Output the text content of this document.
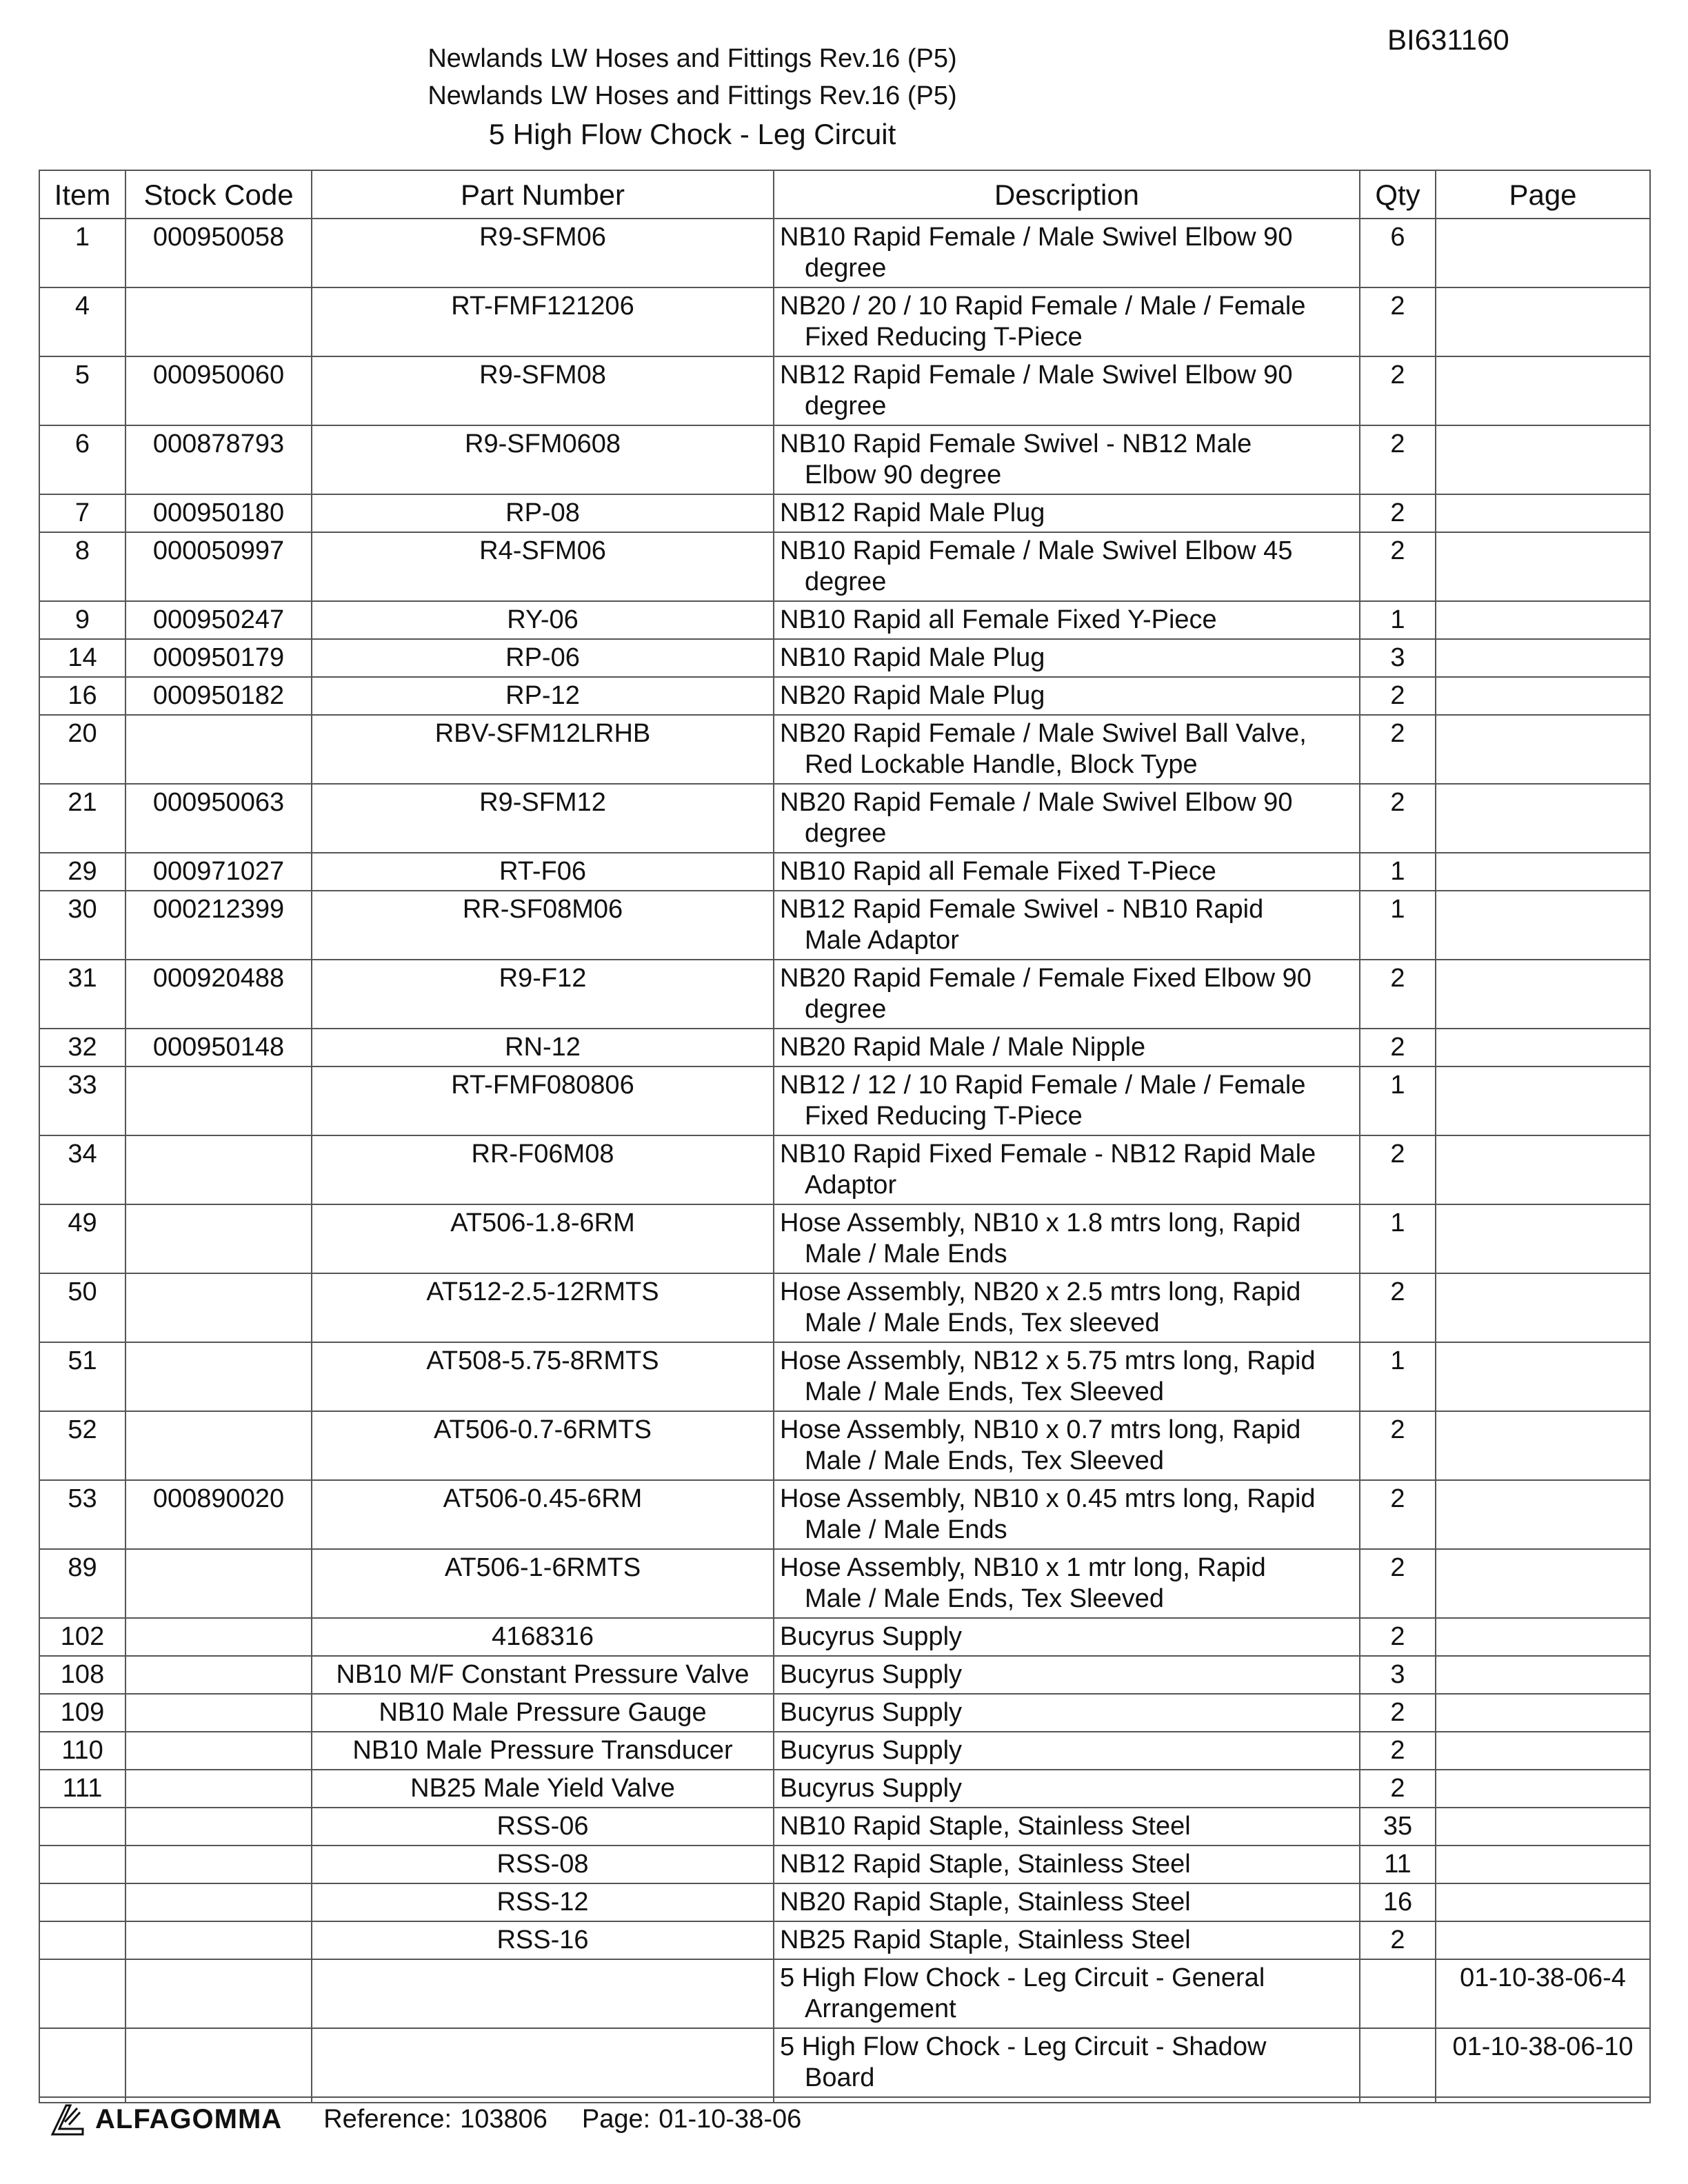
BI631160
Newlands LW Hoses and Fittings Rev.16 (P5)
Newlands LW Hoses and Fittings Rev.16 (P5)
5 High Flow Chock - Leg Circuit
Item	Stock Code	Part Number	Description	Qty	Page
1	000950058	R9-SFM06	NB10 Rapid Female / Male Swivel Elbow 90
degree	6	
4		RT-FMF121206	NB20 / 20 / 10 Rapid Female / Male / Female
Fixed Reducing T-Piece	2	
5	000950060	R9-SFM08	NB12 Rapid Female / Male Swivel Elbow 90
degree	2	
6	000878793	R9-SFM0608	NB10 Rapid Female Swivel - NB12 Male
Elbow 90 degree	2	
7	000950180	RP-08	NB12 Rapid Male Plug	2	
8	000050997	R4-SFM06	NB10 Rapid Female / Male Swivel Elbow 45
degree	2	
9	000950247	RY-06	NB10 Rapid all Female Fixed Y-Piece	1	
14	000950179	RP-06	NB10 Rapid Male Plug	3	
16	000950182	RP-12	NB20 Rapid Male Plug	2	
20		RBV-SFM12LRHB	NB20 Rapid Female / Male Swivel Ball Valve,
Red Lockable Handle, Block Type	2	
21	000950063	R9-SFM12	NB20 Rapid Female / Male Swivel Elbow 90
degree	2	
29	000971027	RT-F06	NB10 Rapid all Female Fixed T-Piece	1	
30	000212399	RR-SF08M06	NB12 Rapid Female Swivel - NB10 Rapid
Male Adaptor	1	
31	000920488	R9-F12	NB20 Rapid Female / Female Fixed Elbow 90
degree	2	
32	000950148	RN-12	NB20 Rapid Male / Male Nipple	2	
33		RT-FMF080806	NB12 / 12 / 10 Rapid Female / Male / Female
Fixed Reducing T-Piece	1	
34		RR-F06M08	NB10 Rapid Fixed Female - NB12 Rapid Male
Adaptor	2	
49		AT506-1.8-6RM	Hose Assembly, NB10 x 1.8 mtrs long, Rapid
Male / Male Ends	1	
50		AT512-2.5-12RMTS	Hose Assembly, NB20 x 2.5 mtrs long, Rapid
Male / Male Ends, Tex sleeved	2	
51		AT508-5.75-8RMTS	Hose Assembly, NB12 x 5.75 mtrs long, Rapid
Male / Male Ends, Tex Sleeved	1	
52		AT506-0.7-6RMTS	Hose Assembly, NB10 x 0.7 mtrs long, Rapid
Male / Male Ends, Tex Sleeved	2	
53	000890020	AT506-0.45-6RM	Hose Assembly, NB10 x 0.45 mtrs long, Rapid
Male / Male Ends	2	
89		AT506-1-6RMTS	Hose Assembly, NB10 x 1 mtr long, Rapid
Male / Male Ends, Tex Sleeved	2	
102		4168316	Bucyrus Supply	2	
108		NB10 M/F Constant Pressure Valve	Bucyrus Supply	3	
109		NB10 Male Pressure Gauge	Bucyrus Supply	2	
110		NB10 Male Pressure Transducer	Bucyrus Supply	2	
111		NB25 Male Yield Valve	Bucyrus Supply	2	
		RSS-06	NB10 Rapid Staple, Stainless Steel	35	
		RSS-08	NB12 Rapid Staple, Stainless Steel	11	
		RSS-12	NB20 Rapid Staple, Stainless Steel	16	
		RSS-16	NB25 Rapid Staple, Stainless Steel	2	

			5 High Flow Chock - Leg Circuit - General
Arrangement		01-10-38-06-4

			5 High Flow Chock - Leg Circuit - Shadow
Board		01-10-38-06-10

ALFAGOMMA Reference: 103806 Page: 01-10-38-06
